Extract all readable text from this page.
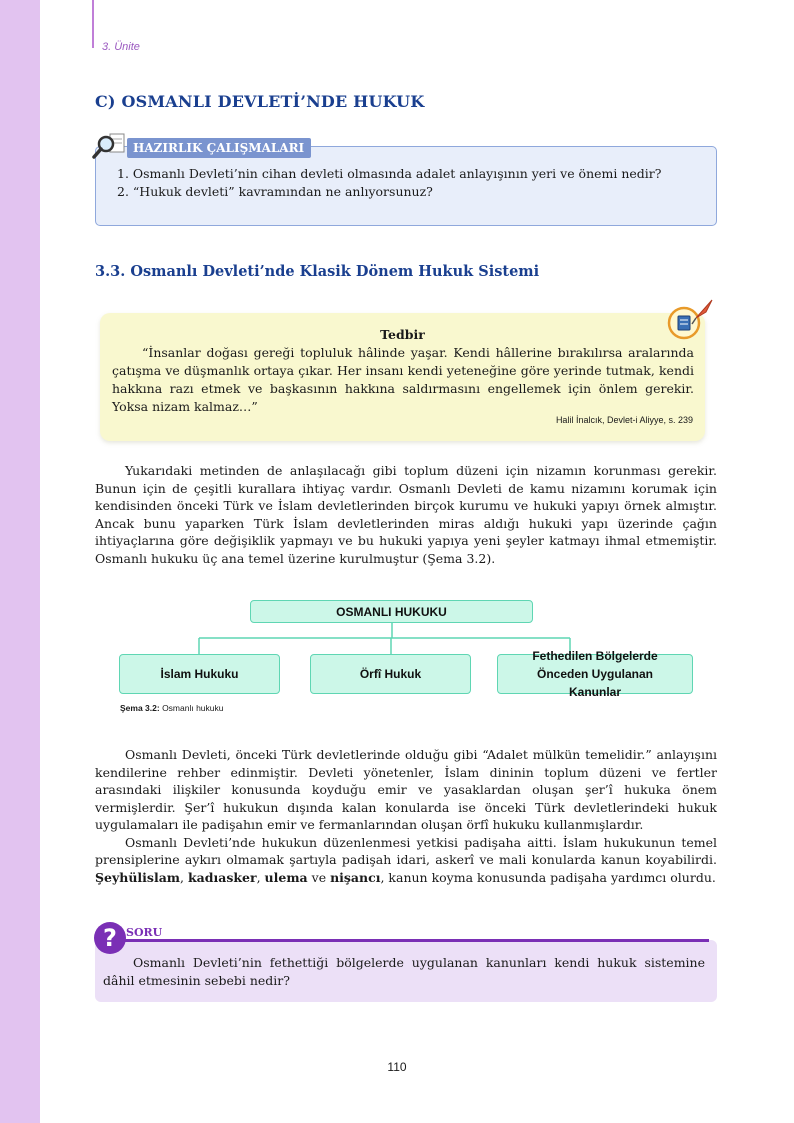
3. Ünite
C) OSMANLI DEVLETİ’NDE HUKUK
HAZIRLIK ÇALIŞMALARI
1. Osmanlı Devleti’nin cihan devleti olmasında adalet anlayışının yeri ve önemi nedir?
2. “Hukuk devleti” kavramından ne anlıyorsunuz?
3.3. Osmanlı Devleti’nde Klasik Dönem Hukuk Sistemi
Tedbir

“İnsanlar doğası gereği topluluk hâlinde yaşar. Kendi hâllerine bırakılırsa aralarında çatışma ve düşmanlık ortaya çıkar. Her insanı kendi yeteneğine göre yerinde tutmak, kendi hakkına razı etmek ve başkasının hakkına saldırmasını engellemek için önlem gerekir. Yoksa nizam kalmaz…”

Halil İnalcık, Devlet-i Aliyye, s. 239

Yukarıdaki metinden de anlaşılacağı gibi toplum düzeni için nizamın korunması gerekir. Bunun için de çeşitli kurallara ihtiyaç vardır. Osmanlı Devleti de kamu nizamını korumak için kendisinden önceki Türk ve İslam devletlerinden birçok kurumu ve hukuki yapıyı örnek almıştır. Ancak bunu yaparken Türk İslam devletlerinden miras aldığı hukuki yapı üzerinde çağın ihtiyaçlarına göre değişiklik yapmayı ve bu hukuki yapıya yeni şeyler katmayı ihmal etmemiştir. Osmanlı hukuku üç ana temel üzerine kurulmuştur (Şema 3.2).

OSMANLI HUKUKU
İslam Hukuku	Örfî Hukuk
Fethedilen Bölgelerde Önceden Uygulanan Kanunlar
Şema 3.2: Osmanlı hukuku

Osmanlı Devleti, önceki Türk devletlerinde olduğu gibi “Adalet mülkün temelidir.” anlayışını kendilerine rehber edinmiştir. Devleti yönetenler, İslam dininin toplum düzeni ve fertler arasındaki ilişkiler konusunda koyduğu emir ve yasaklardan oluşan şer’î hukuka önem vermişlerdir. Şer’î hukukun dışında kalan konularda ise önceki Türk devletlerindeki hukuk uygulamaları ile padişahın emir ve fermanlarından oluşan örfî hukuku kullanmışlardır.

Osmanlı Devleti’nde hukukun düzenlenmesi yetkisi padişaha aitti. İslam hukukunun temel prensiplerine aykırı olmamak şartıyla padişah idari, askerî ve mali konularda kanun koyabilirdi. Şeyhülislam, kadıasker, ulema ve nişancı, kanun koyma konusunda padişaha yardımcı olurdu.

? SORU

Osmanlı Devleti’nin fethettiği bölgelerde uygulanan kanunları kendi hukuk sistemine dâhil etmesinin sebebi nedir?

110
